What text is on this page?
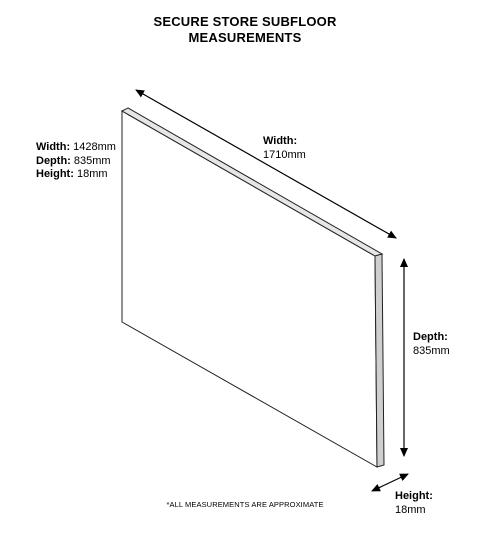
SECURE STORE SUBFLOOR
MEASUREMENTS
Width: 1428mm
Depth: 835mm
Height: 18mm
Width:
1710mm
Depth:
835mm
Height:
18mm
*ALL MEASUREMENTS ARE APPROXIMATE
